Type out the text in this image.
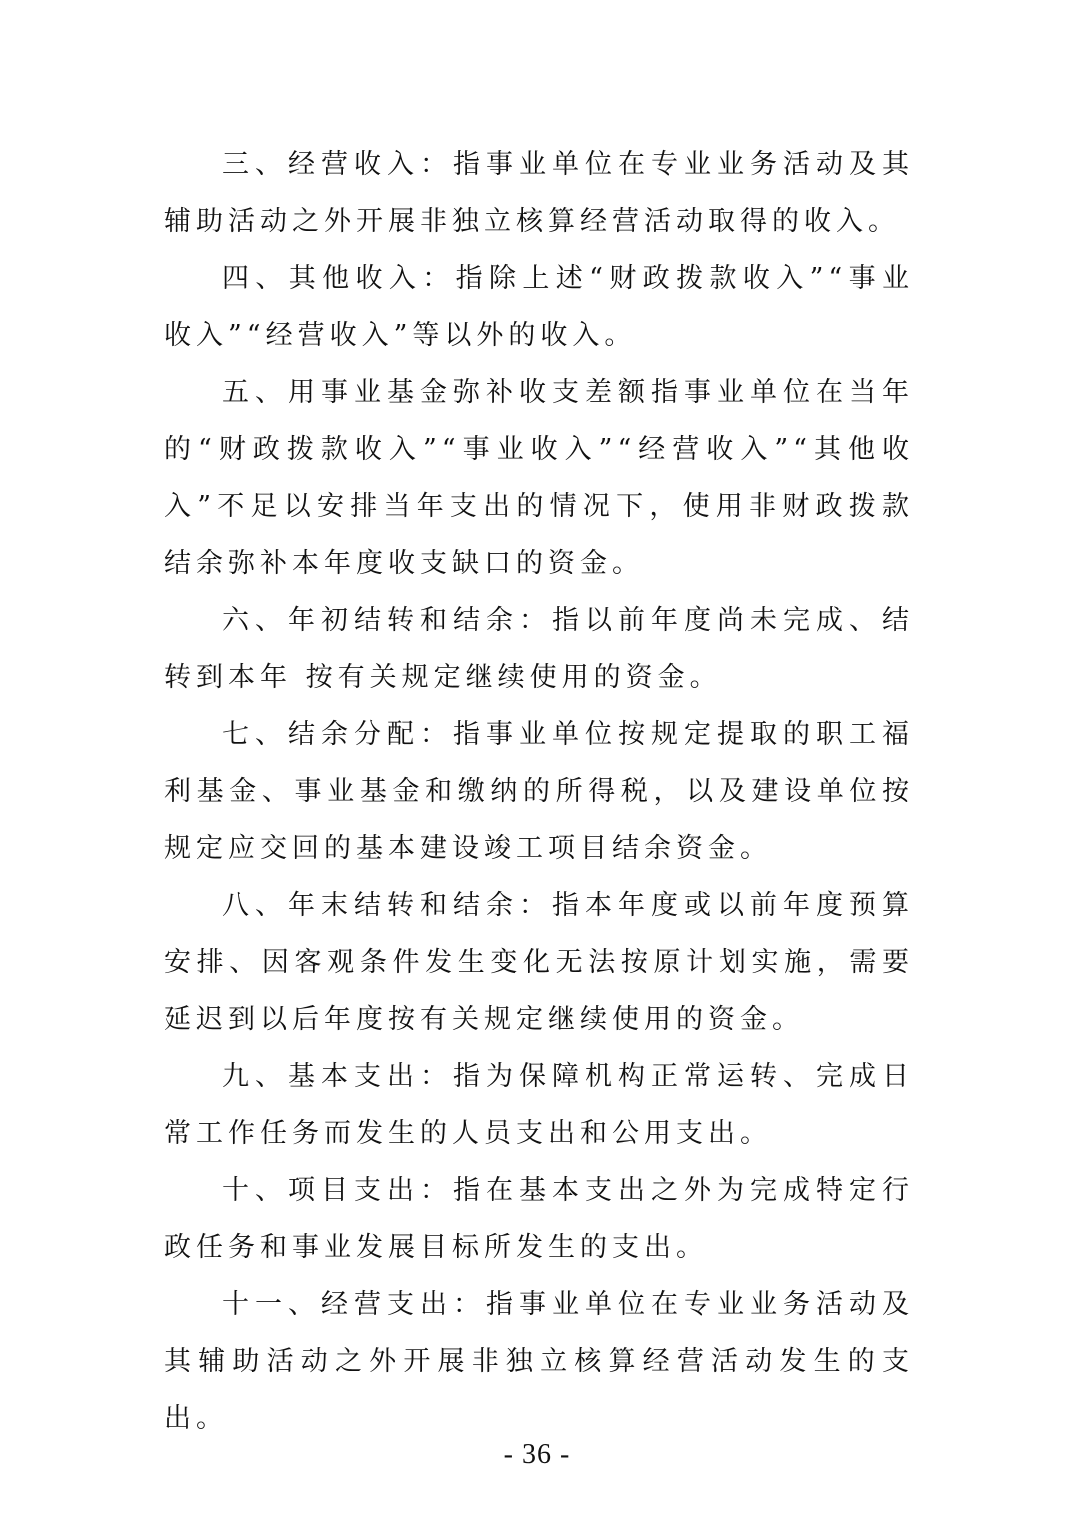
三、经营收入：指事业单位在专业业务活动及其辅助活动之外开展非独立核算经营活动取得的收入。

四、其他收入：指除上述“财政拨款收入”“事业收入”“经营收入”等以外的收入。

五、用事业基金弥补收支差额指事业单位在当年的“财政拨款收入”“事业收入”“经营收入”“其他收入”不足以安排当年支出的情况下，使用非财政拨款结余弥补本年度收支缺口的资金。

六、年初结转和结余：指以前年度尚未完成、结转到本年 按有关规定继续使用的资金。

七、结余分配：指事业单位按规定提取的职工福利基金、事业基金和缴纳的所得税，以及建设单位按规定应交回的基本建设竣工项目结余资金。

八、年末结转和结余：指本年度或以前年度预算安排、因客观条件发生变化无法按原计划实施，需要延迟到以后年度按有关规定继续使用的资金。

九、基本支出：指为保障机构正常运转、完成日常工作任务而发生的人员支出和公用支出。

十、项目支出：指在基本支出之外为完成特定行政任务和事业发展目标所发生的支出。

十一、经营支出：指事业单位在专业业务活动及其辅助活动之外开展非独立核算经营活动发生的支出。

- 36 -
